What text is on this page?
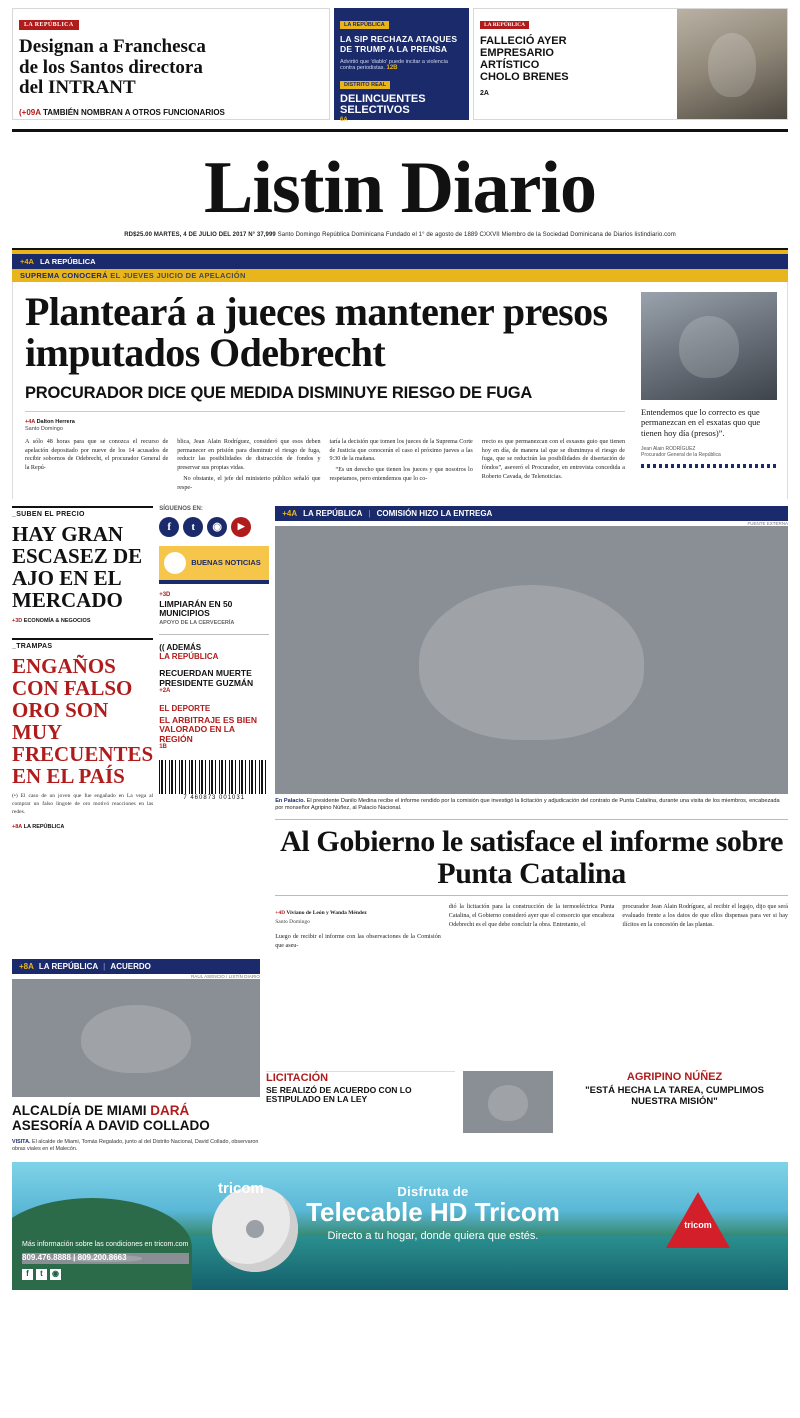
LA REPÚBLICA
Designan a Franchesca de los Santos directora del INTRANT
(+09A TAMBIÉN NOMBRAN A OTROS FUNCIONARIOS
LA REPÚBLICA
LA SIP RECHAZA ATAQUES DE TRUMP A LA PRENSA
Advirtió que 'diablo' puede incitar a violencia contra periodistas. 12B
DISTRITO REAL
DELINCUENTES SELECTIVOS
6A
LA REPÚBLICA
FALLECIÓ AYER EMPRESARIO ARTÍSTICO CHOLO BRENES
2A
Listin Diario
RD$25.00 MARTES, 4 DE JULIO DEL 2017 N° 37,999 Santo Domingo República Dominicana Fundado el 1° de agosto de 1889 CXXVII Miembro de la Sociedad Dominicana de Diarios listindiario.com
+4A LA REPÚBLICA
SUPREMA CONOCERÁ EL JUEVES JUICIO DE APELACIÓN
Planteará a jueces mantener presos imputados Odebrecht
PROCURADOR DICE QUE MEDIDA DISMINUYE RIESGO DE FUGA
+4A Dalton Herrera
Santo Domingo

A sólo 48 horas para que se conozca el recurso de apelación depositado por nueve de los 14 acusados de recibir sobornos de Odebrecht, el procurador General de la Repú-

blica, Jean Alain Rodríguez, consideró que esos deben permanecer en prisión para disminuir el riesgo de fuga, reducir las posibilidades de distracción de fondos y preservar sus propias vidas.

No obstante, el jefe del ministerio público señaló que respe-

taría la decisión que tomen los jueces de la Suprema Corte de Justicia que conocerán el caso el próximo jueves a las 9:30 de la mañana.

“Es un derecho que tienen los jueces y que nosotros lo respetamos, pero entendemos que lo co-

rrecto es que permanezcan con el esxasns guio que tienen hoy en día, de manera ial que se disminuya el riesgo de fuga, que se reducirán las posibilidades de disertación de fóndos”, aseveró el Procurador, en entrevista concedida a Roberto Cavada, de Telenoticias.

Entendemos que lo correcto es que permanezcan en el esxatas quo que tienen hoy día (presos)”.
Jean Alain RODRÍGUEZ
Procurador General de la República
_SUBEN EL PRECIO
HAY GRAN ESCASEZ DE AJO EN EL MERCADO
+3D ECONOMÍA & NEGOCIOS
_TRAMPAS
ENGAÑOS CON FALSO ORO SON MUY FRECUENTES EN EL PAÍS
(•) El caso de un joven que fue engañado en La vega al comprar un falso lingote de oro motivó reacciones en las redes.
+8A LA REPÚBLICA
SÍGUENOS EN:
f	t	◉	▶
BUENAS NOTICIAS
+3D
LIMPIARÁN EN 50 MUNICIPIOS
APOYO DE LA CERVECERÍA
(( ADEMÁS
LA REPÚBLICA
RECUERDAN MUERTE PRESIDENTE GUZMÁN
+2A
EL DEPORTE
EL ARBITRAJE ES BIEN VALORADO EN LA REGIÓN
1B
7 460873 001031
+4A LA REPÚBLICA | COMISIÓN HIZO LA ENTREGA
FUENTE EXTERNA
En Palacio. El presidente Danilo Medina recibe el informe rendido por la comisión que investigó la licitación y adjudicación del contrato de Punta Catalina, durante una visita de los miembros, encabezada por monseñor Agripino Núñez, al Palacio Nacional.
Al Gobierno le satisface el informe sobre Punta Catalina
+4D Viviano de León y Wanda Méndez
Santo Domingo

Luego de recibir el informe con las observaciones de la Comisión que aseu-

dió la licitación para la construcción de la termoeléctrica Punta Catalina, el Gobierno consideró ayer que el consorcio que encabeza Odebrecht es el que debe concluir la obra. Entretanto, el

procurador Jean Alain Rodríguez, al recibir el legajo, dijo que será evaluado frente a los datos de que ellos dispensas para ver si hay ilícitos en la concesión de las plantas.

+8A LA REPÚBLICA | ACUERDO
RAUL ASENCIO / LISTÍN DIARIO
ALCALDÍA DE MIAMI DARÁ ASESORÍA A DAVID COLLADO
VISITA. El alcalde de Miami, Tomás Regalado, junto al del Distrito Nacional, David Collado, observaron obras viales en el Malecón.
LICITACIÓN
SE REALIZÓ DE ACUERDO CON LO ESTIPULADO EN LA LEY
AGRIPINO NÚÑEZ
"ESTÁ HECHA LA TAREA, CUMPLIMOS NUESTRA MISIÓN"
tricom	Disfruta de
Telecable HD Tricom
Directo a tu hogar, donde quiera que estés.
tricom
Más información sobre las condiciones en tricom.com
809.476.8888 | 809.200.8663
f	t	◉
